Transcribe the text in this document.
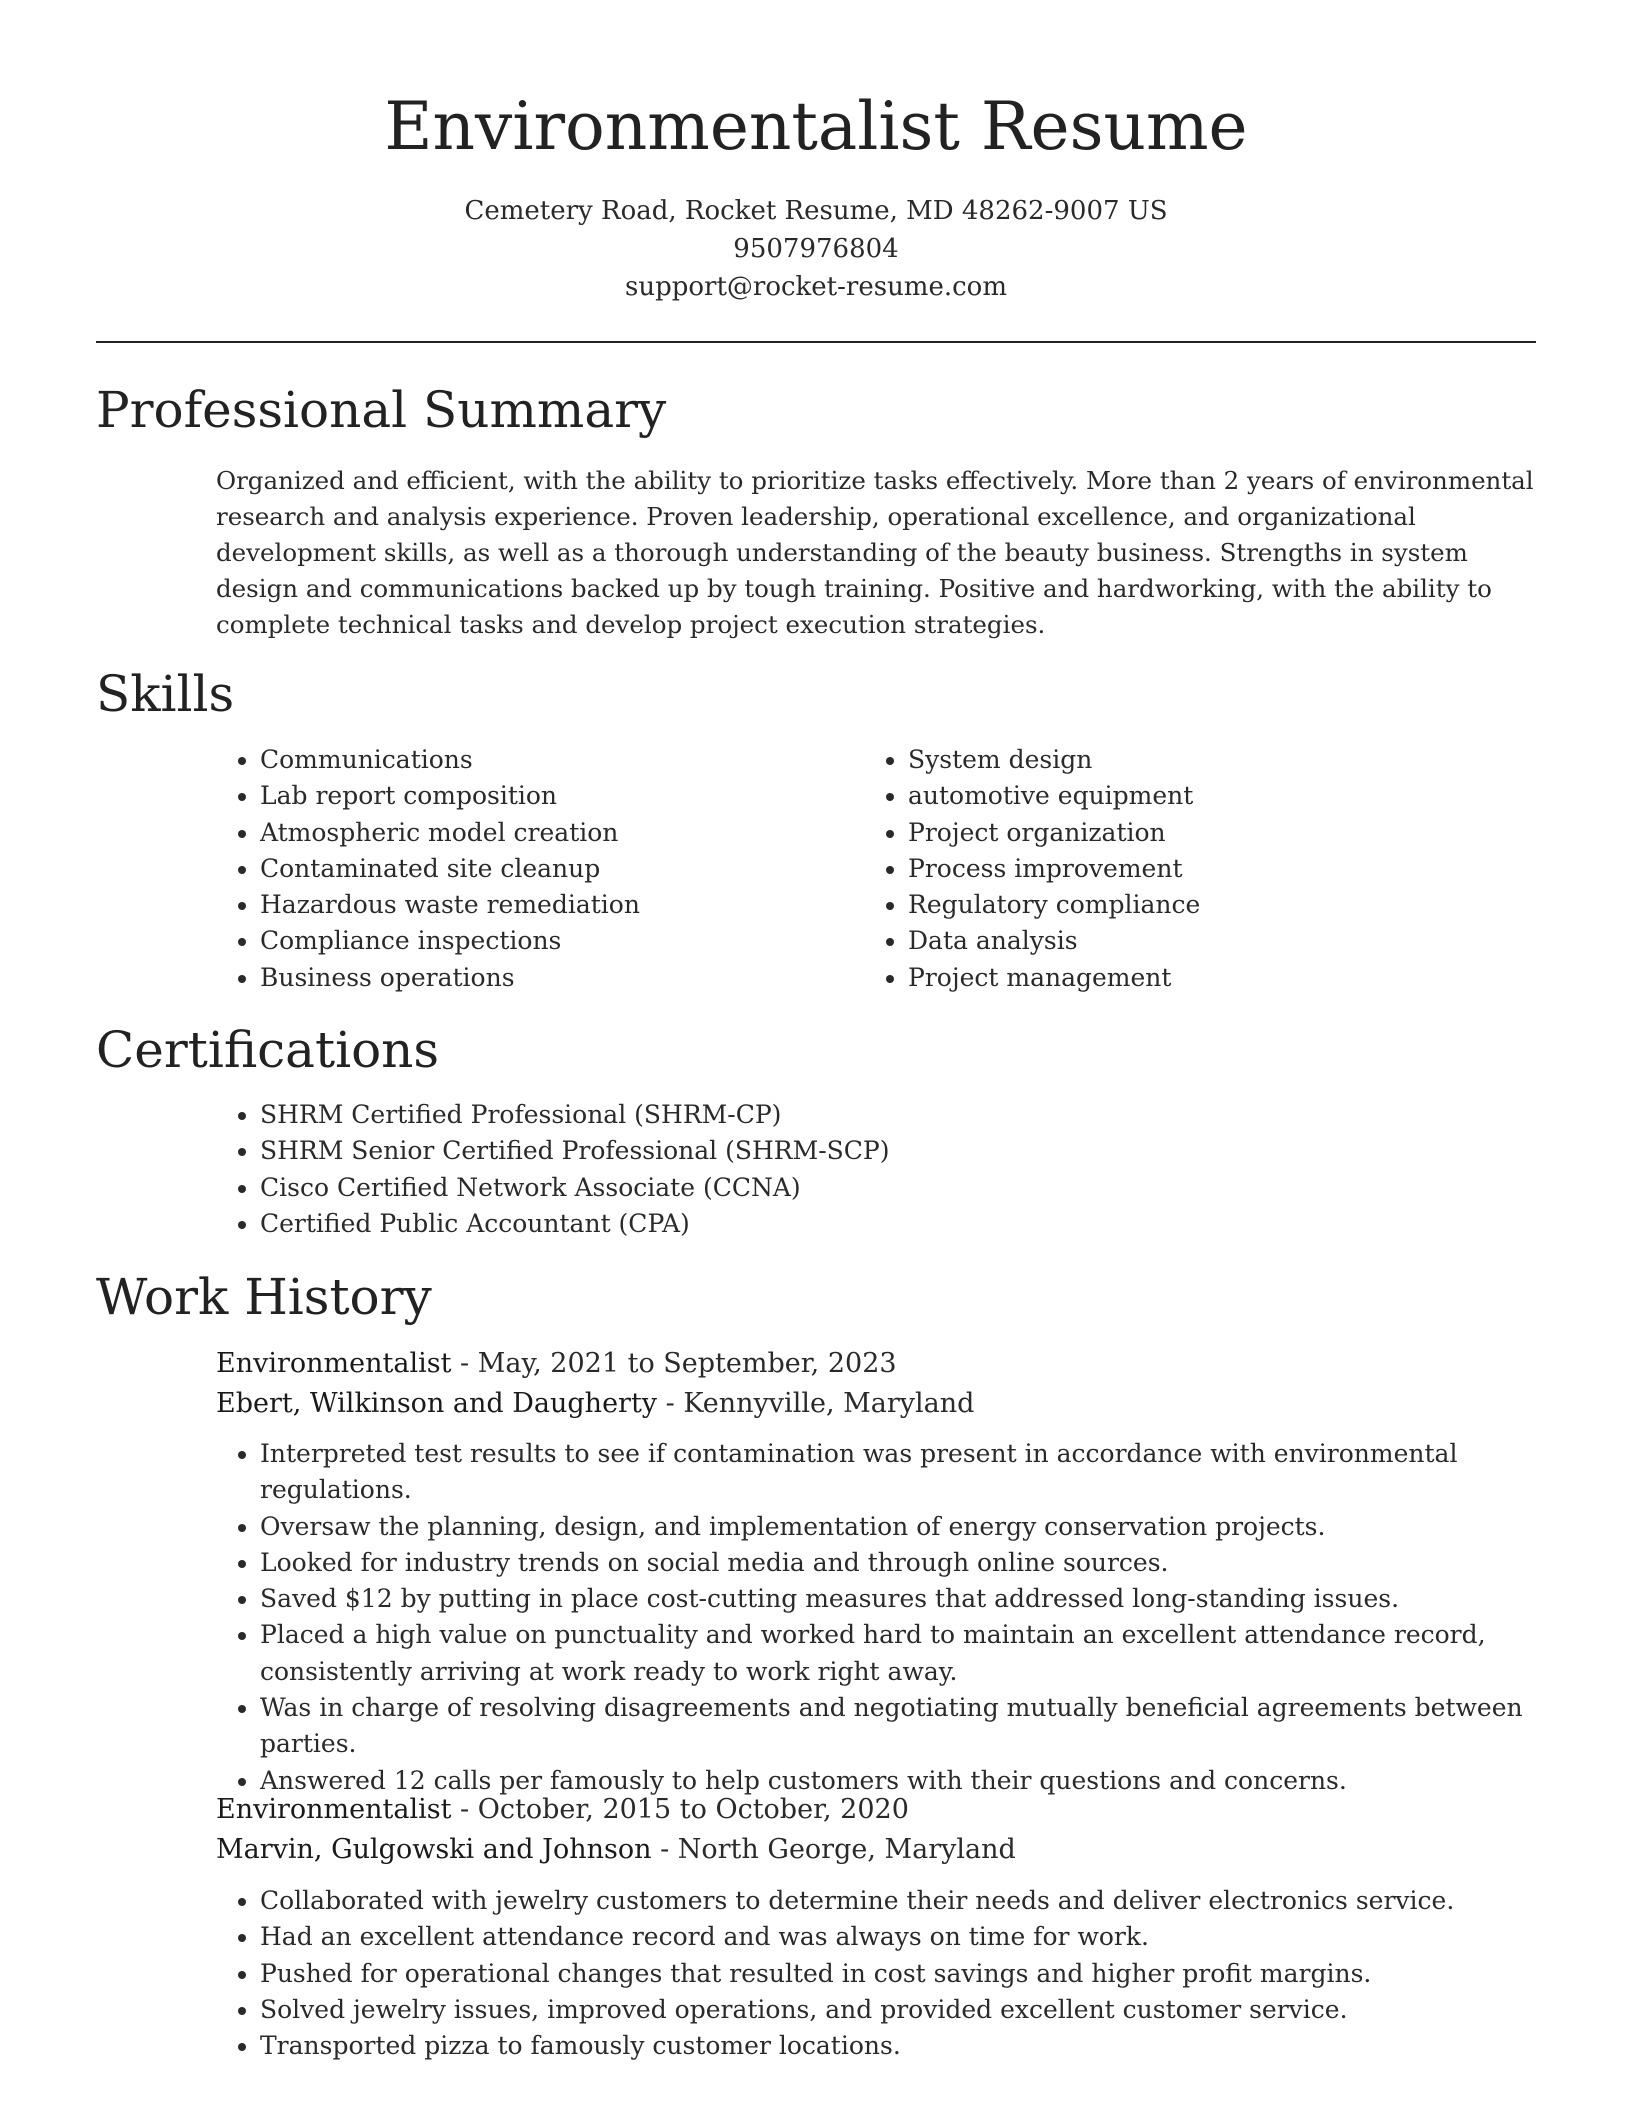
Environmentalist Resume
Cemetery Road, Rocket Resume, MD 48262-9007 US
9507976804
support@rocket-resume.com
Professional Summary
Organized and efficient, with the ability to prioritize tasks effectively. More than 2 years of environmental research and analysis experience. Proven leadership, operational excellence, and organizational development skills, as well as a thorough understanding of the beauty business. Strengths in system design and communications backed up by tough training. Positive and hardworking, with the ability to complete technical tasks and develop project execution strategies.
Skills
• Communications
• Lab report composition
• Atmospheric model creation
• Contaminated site cleanup
• Hazardous waste remediation
• Compliance inspections
• Business operations
• System design
• automotive equipment
• Project organization
• Process improvement
• Regulatory compliance
• Data analysis
• Project management
Certifications
• SHRM Certified Professional (SHRM-CP)
• SHRM Senior Certified Professional (SHRM-SCP)
• Cisco Certified Network Associate (CCNA)
• Certified Public Accountant (CPA)
Work History
Environmentalist - May, 2021 to September, 2023
Ebert, Wilkinson and Daugherty - Kennyville, Maryland
• Interpreted test results to see if contamination was present in accordance with environmental regulations.
• Oversaw the planning, design, and implementation of energy conservation projects.
• Looked for industry trends on social media and through online sources.
• Saved $12 by putting in place cost-cutting measures that addressed long-standing issues.
• Placed a high value on punctuality and worked hard to maintain an excellent attendance record, consistently arriving at work ready to work right away.
• Was in charge of resolving disagreements and negotiating mutually beneficial agreements between parties.
• Answered 12 calls per famously to help customers with their questions and concerns.
Environmentalist - October, 2015 to October, 2020
Marvin, Gulgowski and Johnson - North George, Maryland
• Collaborated with jewelry customers to determine their needs and deliver electronics service.
• Had an excellent attendance record and was always on time for work.
• Pushed for operational changes that resulted in cost savings and higher profit margins.
• Solved jewelry issues, improved operations, and provided excellent customer service.
• Transported pizza to famously customer locations.
